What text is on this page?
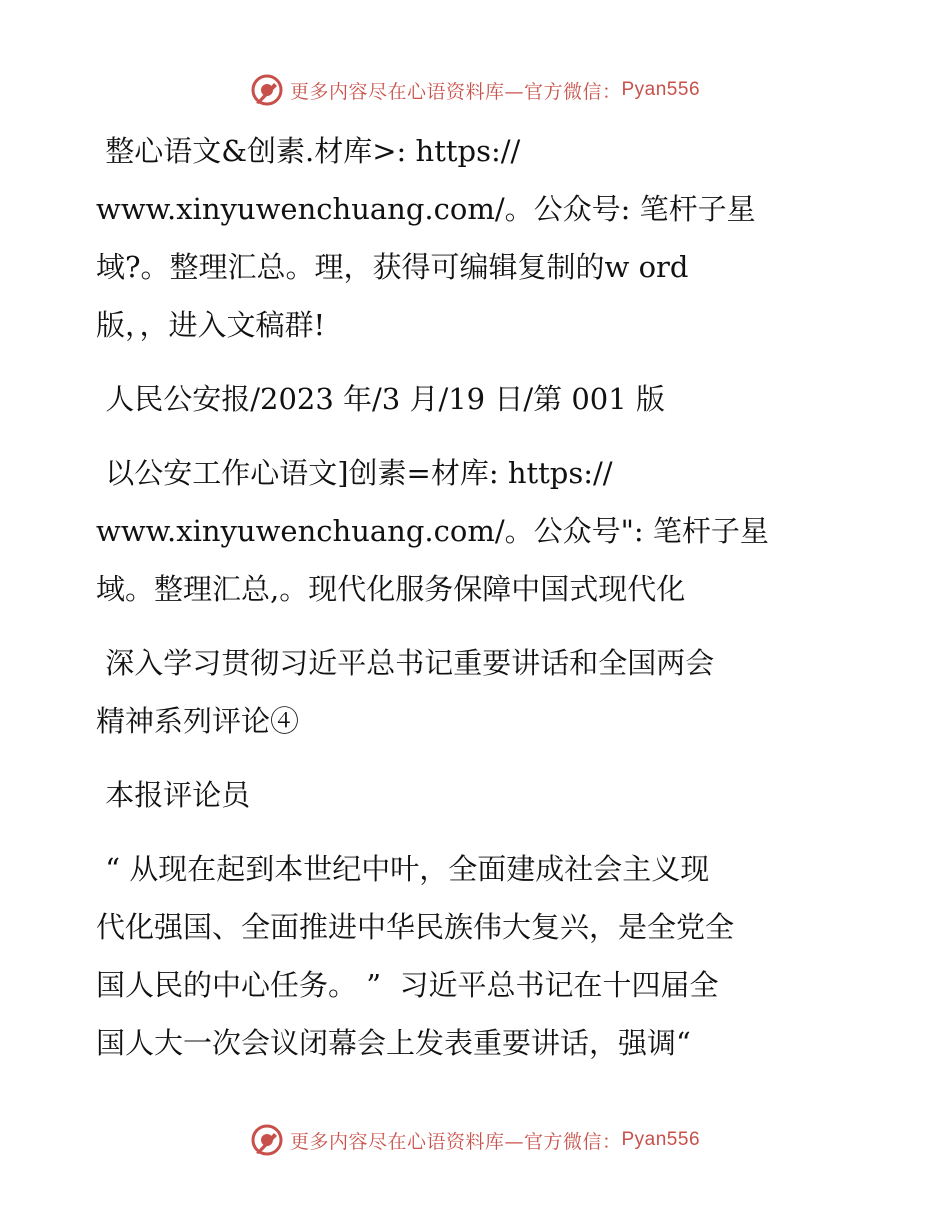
更多内容尽在心语资料库—官方微信： Pyan556

整心语文&创素.材库>: https://
www.xinyuwenchuang.com/。公众号: 笔杆子星
域?。整理汇总。理，获得可编辑复制的w ord
版，，进入文稿群!

人民公安报/2023 年/3 月/19 日/第 001 版

以公安工作心语文]创素=材库: https://
www.xinyuwenchuang.com/。公众号": 笔杆子星
域。整理汇总,。现代化服务保障中国式现代化

深入学习贯彻习近平总书记重要讲话和全国两会
精神系列评论④

本报评论员

“ 从现在起到本世纪中叶，全面建成社会主义现
代化强国、全面推进中华民族伟大复兴，是全党全
国人民的中心任务。 ”  习近平总书记在十四届全
国人大一次会议闭幕会上发表重要讲话，强调“

更多内容尽在心语资料库—官方微信： Pyan556
